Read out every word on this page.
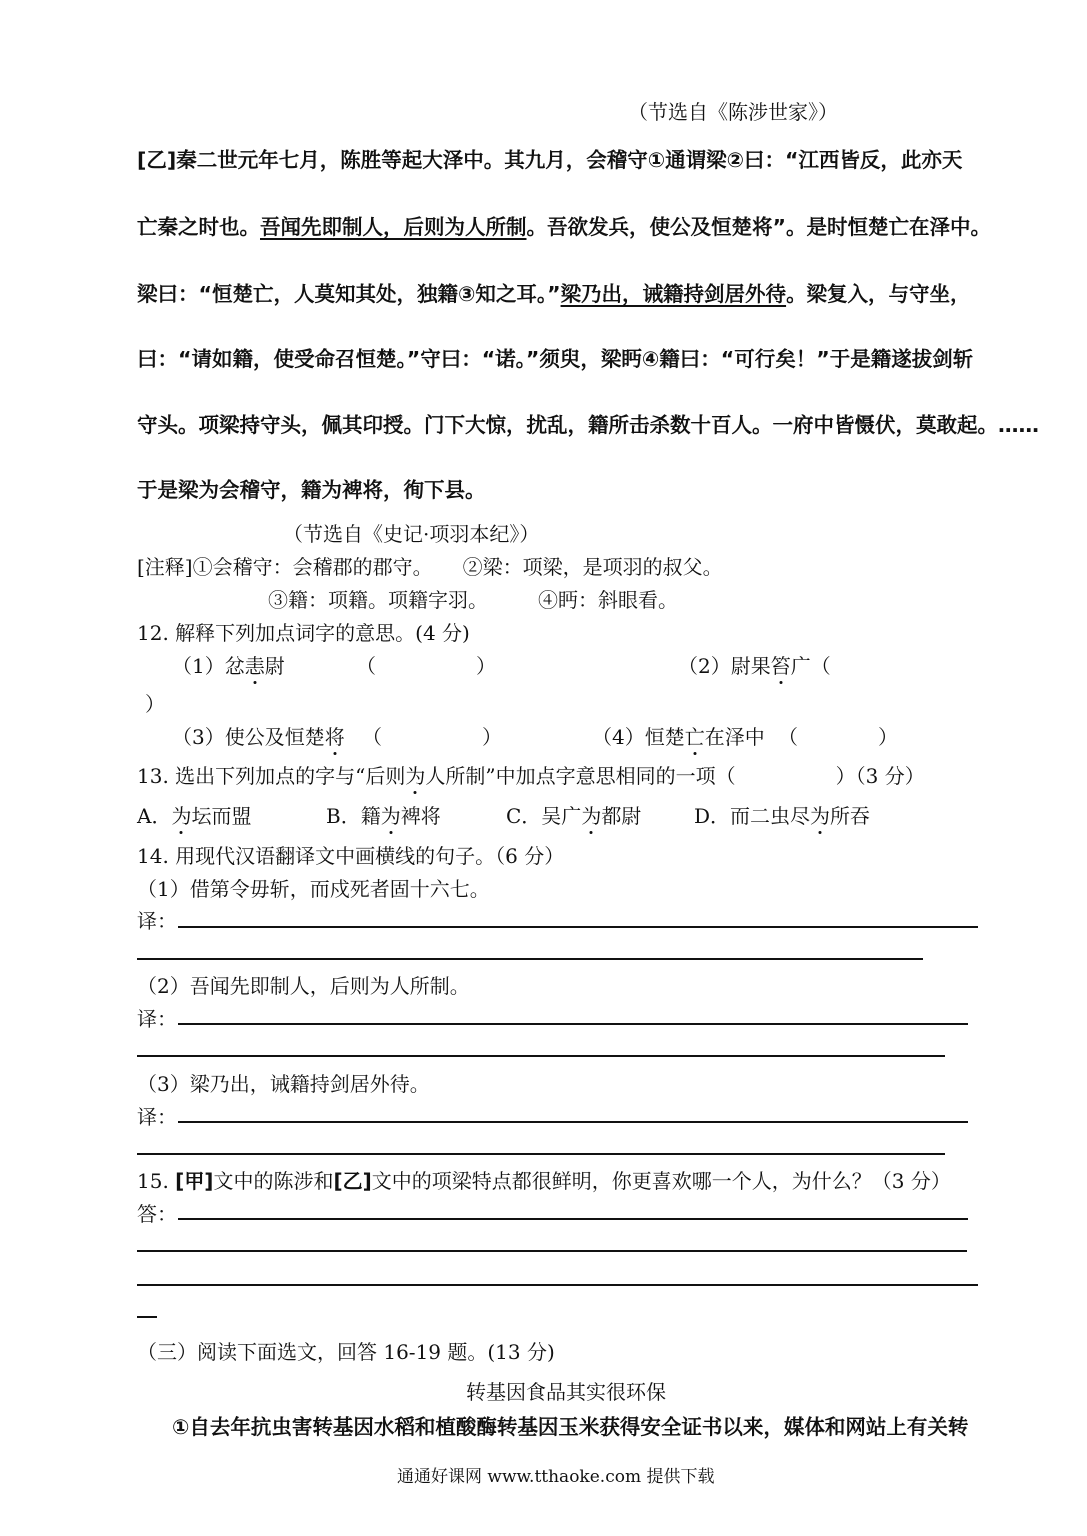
（节选自《陈涉世家》）
[乙]秦二世元年七月，陈胜等起大泽中。其九月，会稽守①通谓梁②曰：“江西皆反，此亦天
亡秦之时也。吾闻先即制人，后则为人所制。吾欲发兵，使公及恒楚将”。是时恒楚亡在泽中。
梁曰：“恒楚亡，人莫知其处，独籍③知之耳。”梁乃出，诫籍持剑居外待。梁复入，与守坐，
曰：“请如籍，使受命召恒楚。”守曰：“诺。”须臾，梁眄④籍曰：“可行矣！”于是籍遂拔剑斩
守头。项梁持守头，佩其印授。门下大惊，扰乱，籍所击杀数十百人。一府中皆慑伏，莫敢起。……
于是梁为会稽守，籍为裨将，徇下县。
（节选自《史记·项羽本纪》）
[注释]①会稽守：会稽郡的郡守。　　②梁：项梁，是项羽的叔父。
③籍：项籍。项籍字羽。　　　④眄：斜眼看。
12. 解释下列加点词字的意思。(4 分)
（1）忿恚尉	（　　　　　）	（2）尉果笞广（
）
（3）使公及恒楚将 （　　　　　）	（4）恒楚亡在泽中 （　　　　）
13. 选出下列加点的字与“后则为人所制”中加点字意思相同的一项（　　　　　）（3 分）
A．为坛而盟	B．籍为裨将	C．吴广为都尉	D．而二虫尽为所吞
14. 用现代汉语翻译文中画横线的句子。（6 分）
（1）借第令毋斩，而戍死者固十六七。
译：
（2）吾闻先即制人，后则为人所制。
译：
（3）梁乃出，诫籍持剑居外待。
译：
15. [甲]文中的陈涉和[乙]文中的项梁特点都很鲜明，你更喜欢哪一个人，为什么？（3 分）
答：
（三）阅读下面选文，回答 16-19 题。(13 分)
转基因食品其实很环保
①自去年抗虫害转基因水稻和植酸酶转基因玉米获得安全证书以来，媒体和网站上有关转
通通好课网 www.tthaoke.com 提供下载
